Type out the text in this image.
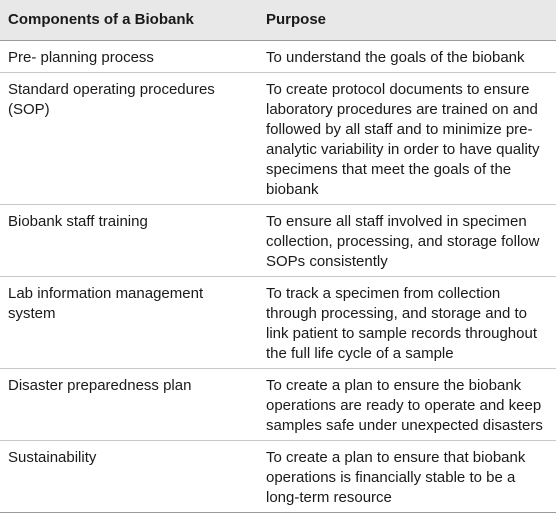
Components of a Biobank	Purpose
Pre- planning process	To understand the goals of the biobank
Standard operating procedures (SOP)	To create protocol documents to ensure laboratory procedures are trained on and followed by all staff and to minimize pre-analytic variability in order to have quality specimens that meet the goals of the biobank
Biobank staff training	To ensure all staff involved in specimen collection, processing, and storage follow SOPs consistently
Lab information management system	To track a specimen from collection through processing, and storage and to link patient to sample records throughout the full life cycle of a sample
Disaster preparedness plan	To create a plan to ensure the biobank operations are ready to operate and keep samples safe under unexpected disasters
Sustainability	To create a plan to ensure that biobank operations is financially stable to be a long-term resource
